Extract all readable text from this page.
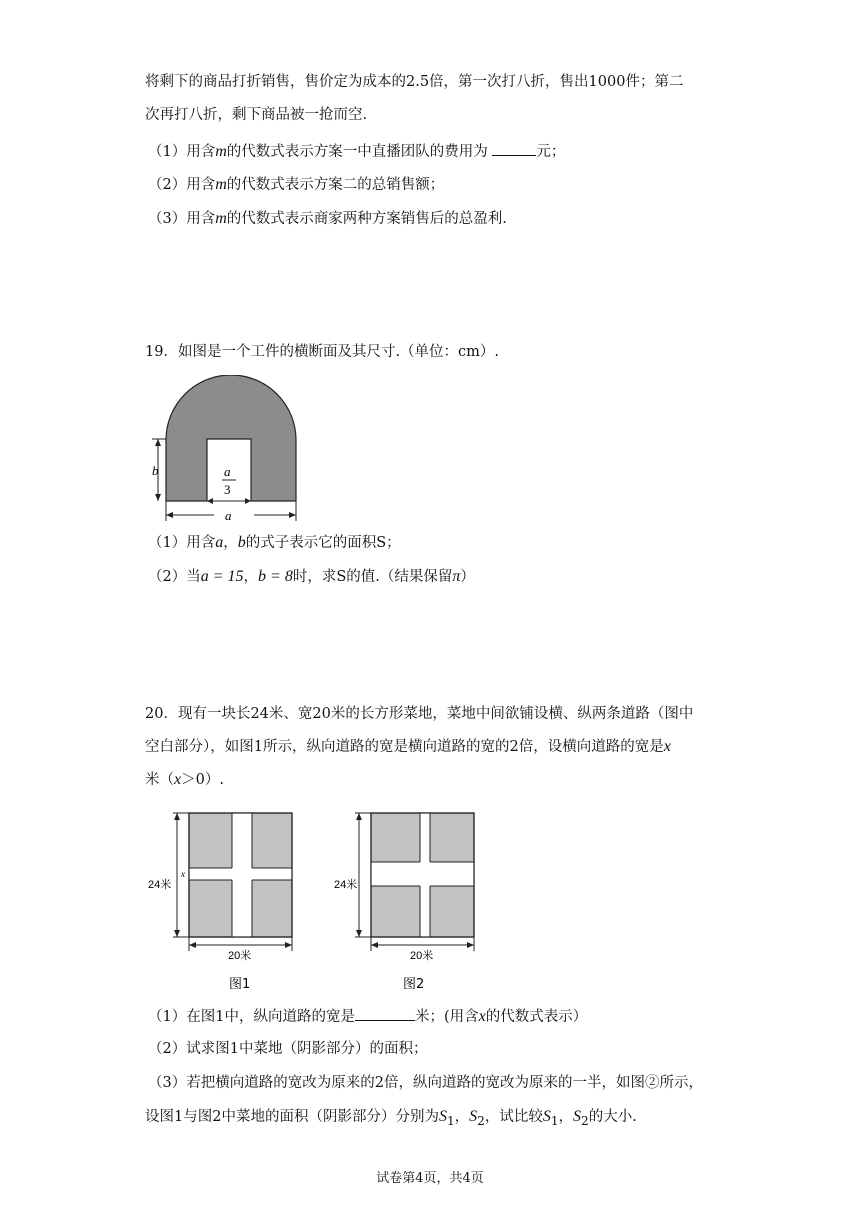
将剩下的商品打折销售，售价定为成本的2.5倍，第一次打八折，售出1000件；第二
次再打八折，剩下商品被一抢而空.
（1）用含m的代数式表示方案一中直播团队的费用为	元；
（2）用含m的代数式表示方案二的总销售额；
（3）用含m的代数式表示商家两种方案销售后的总盈利.
19．如图是一个工件的横断面及其尺寸.（单位：cm）.
b
a
a
3
（1）用含a，b的式子表示它的面积S；
（2）当a = 15，b = 8时，求S的值.（结果保留π）
20．现有一块长24米、宽20米的长方形菜地，菜地中间欲铺设横、纵两条道路（图中
空白部分），如图1所示，纵向道路的宽是横向道路的宽的2倍，设横向道路的宽是x
米（x＞0）.
24米
x
20米
图1
24米
20米
图2
（1）在图1中，纵向道路的宽是	米；(用含x的代数式表示）
（2）试求图1中菜地（阴影部分）的面积；
（3）若把横向道路的宽改为原来的2倍，纵向道路的宽改为原来的一半，如图②所示，
设图1与图2中菜地的面积（阴影部分）分别为$S_1$，$S_2$，试比较$S_1$，$S_2$的大小.
试卷第4页，共4页
